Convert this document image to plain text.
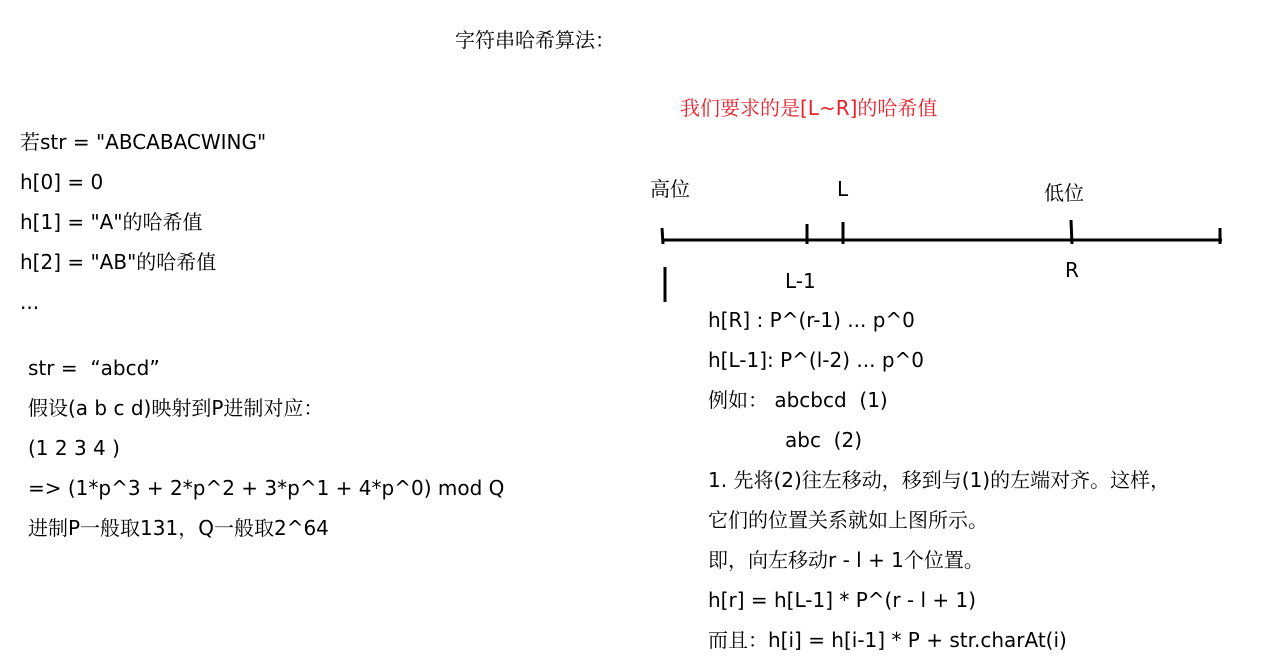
字符串哈希算法：
我们要求的是[L~R]的哈希值
若str = "ABCABACWING"
h[0] = 0
h[1] = "A"的哈希值
h[2] = "AB"的哈希值
...
str =  “abcd”
假设(a b c d)映射到P进制对应：
(1 2 3 4 )
=> (1*p^3 + 2*p^2 + 3*p^1 + 4*p^0) mod Q
进制P一般取131，Q一般取2^64
高位	L	低位
L-1	R
h[R] : P^(r-1) ... p^0
h[L-1]: P^(l-2) ... p^0
例如： abcbcd  (1)
abc  (2)
1. 先将(2)往左移动，移到与(1)的左端对齐。这样，
它们的位置关系就如上图所示。
即，向左移动r - l + 1个位置。
h[r] = h[L-1] * P^(r - l + 1)
而且：h[i] = h[i-1] * P + str.charAt(i)
